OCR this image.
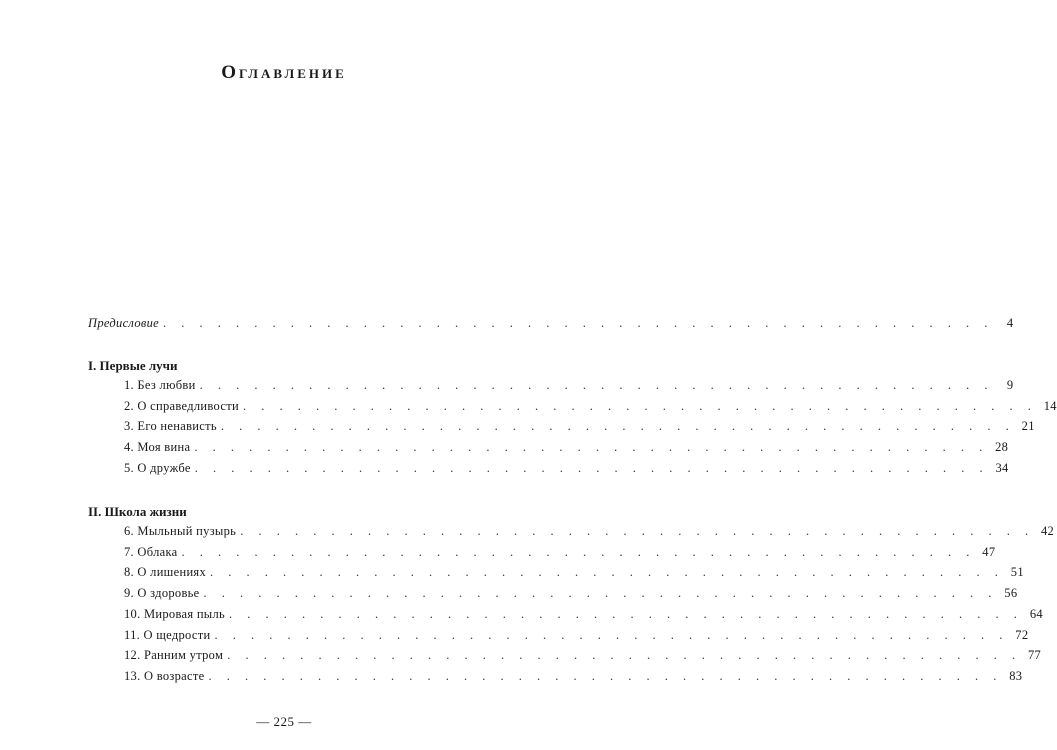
Оглавление
Предисловие . . . . . . . . . . . . . . . . . . . . . . . . . . . . . . . . . . . . . . . . . . . . . .	4
I. Первые лучи
1. Без любви . . . . . . . . . . . . . . . . . . . . . . . . . . . . . . . . . . . . . . . . . . . .	9
2. О справедливости . . . . . . . . . . . . . . . . . . . . . . . . . . . . . . . . . . . . . . . . . . . . 14
3. Его ненависть . . . . . . . . . . . . . . . . . . . . . . . . . . . . . . . . . . . . . . . . . . . . 21
4. Моя вина . . . . . . . . . . . . . . . . . . . . . . . . . . . . . . . . . . . . . . . . . . . . 28
5. О дружбе . . . . . . . . . . . . . . . . . . . . . . . . . . . . . . . . . . . . . . . . . . . . 34
II. Школа жизни
6. Мыльный пузырь . . . . . . . . . . . . . . . . . . . . . . . . . . . . . . . . . . . . . . . . . . . . 42
7. Облака . . . . . . . . . . . . . . . . . . . . . . . . . . . . . . . . . . . . . . . . . . . . 47
8. О лишениях . . . . . . . . . . . . . . . . . . . . . . . . . . . . . . . . . . . . . . . . . . . . 51
9. О здоровье . . . . . . . . . . . . . . . . . . . . . . . . . . . . . . . . . . . . . . . . . . . . 56
10. Мировая пыль . . . . . . . . . . . . . . . . . . . . . . . . . . . . . . . . . . . . . . . . . . . . 64
11. О щедрости . . . . . . . . . . . . . . . . . . . . . . . . . . . . . . . . . . . . . . . . . . . . 72
12. Ранним утром . . . . . . . . . . . . . . . . . . . . . . . . . . . . . . . . . . . . . . . . . . . . 77
13. О возрасте . . . . . . . . . . . . . . . . . . . . . . . . . . . . . . . . . . . . . . . . . . . . 83
— 225 —
